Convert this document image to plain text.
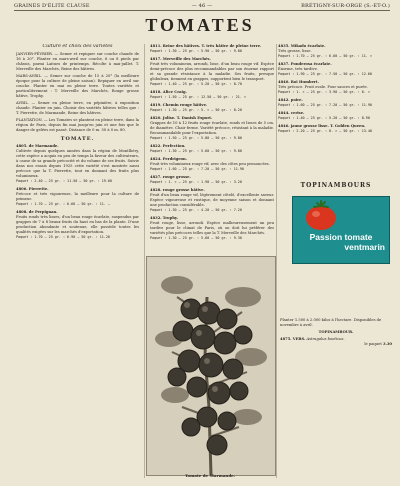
GRAINES D'ÉLITE CLAUSE	— 46 —	BRÉTIGNY-SUR-ORGE (S.-ET-O.)
TOMATES
Culture et choix des variétés
JANVIER-FÉVRIER. — Semer et repiquer sur couche chaude de 16 à 20°. Planter en mars-avril sur couche, 6 ou 8 pieds par châssis, parmi Laitues de printemps. Récolte à mai-juillet. T. Merveille des Marchés, Reine des hâtives.
MARS-AVRIL. — Semer sur couche de 15 à 20° (la meilleure époque pour la culture de pleine saison). Repiquer en avril sur couche. Planter en mai en pleine terre. Toutes variétés et particulièrement : T. Merveille des Marchés, Rouge grosse hâtive, Trophy.
AVRIL. — Semer en pleine terre, en pépinière, à exposition chaude. Planter en juin. Choisir des variétés hâtives telles que : T. Pierrette, de Marmande, Reine des hâtives.
PLANTATION. — Les Tomates se plantent en pleine terre, dans la région de Paris, depuis fin mai jusqu'en juin et une fois que le danger de gelées est passé. Distance de 0 m. 50 à 0 m. 80.
TOMATE.
4805. de Marmande.
Cultivée depuis quelques années dans la région de Montlhéry, cette espèce a acquis en peu de temps la faveur des cultivateurs, à cause de sa grande précocité et du volume de ses fruits. Suivie dans nos essais depuis 1925 cette variété s'est montrée aussi précoce que la T. Pierrette, tout en donnant des fruits plus volumineux.
Paquet : 2.40 — 25 gr. : 11.50 — 50 gr. : 19.60
4806. Pierrette.
Précoce et très vigoureuse, la meilleure pour la culture de primeur.
Paquet : 1.70 — 25 gr. : 6.60 — 50 gr. : 11. —
4808. de Perpignan.
Fruits ronds très lisses, d'un beau rouge écarlate, suspendus par grappes de 7 à 8 beaux fruits du haut en bas de la plante. D'une production abondante et soutenue, elle possède toutes les qualités exigées sur les marchés d'exportation.
Paquet : 1.70 — 25 gr. : 6.90 — 50 gr. : 11.20
4811. Reine des hâtives. T. très hâtive de pleine terre.
Paquet : 1.30 — 25 gr. : 5.90 — 50 gr. : 9.80
4817. Merveille des Marchés.
Fruit très volumineux, arrondi, lisse, d'un beau rouge vif. Espèce demi-précoce des plus recommandables par son énorme rapport et sa grande résistance à la maladie. Ses fruits, presque globuleux, tiennent en grappes, supportent bien le transport.
Paquet : 1.40 — 25 gr. : 5.20 — 50 gr. : 8.70
4818. Alice Craig.
Paquet : 1.50 — 25 gr. : 12.50 — 50 gr. : 21. »
4819. Chemin rouge hâtive.
Paquet : 1.30 — 25 gr. : 5. » — 50 gr. : 8.20
4820. Jolise. T. Danish Export.
Grappes de 10 à 12 fruits rouge écarlate, ronds et lisses de 5 cm. de diamètre. Chair ferme. Variété précoce, résistant à la maladie. Recommandable pour l'exportation.
Paquet : 1.50 — 25 gr. : 5.80 — 50 gr. : 9.80
4822. Perfection.
Paquet : 1.30 — 25 gr. : 5.60 — 50 gr. : 9.80
4824. Perdrigeon.
Fruit très volumineux rouge vif, avec des côtes peu prononcées.
Paquet : 1.60 — 25 gr. : 7.20 — 50 gr. : 11.90
4827. rouge grosse.
Paquet : 1. » — 25 gr. : 1.90 — 50 gr. : 3.20
4828. rouge grosse hâtive.
Fruit d'un beau rouge vif, légèrement côtelé, d'excellente saveur. Espèce vigoureuse et rustique, de moyenne saison et donnant une production considérable.
Paquet : 1.30 — 25 gr. : 4.20 — 50 gr. : 7.20
4832. Trophy.
Fruit rouge, lisse, arrondi. Espèce malheureusement un peu tardive pour le climat de Paris, où on doit lui préférer des variétés plus précoces telles que la T. Merveille des Marchés.
Paquet : 1.30 — 25 gr. : 5.60 — 50 gr. : 9.30
Tomate de Marmande.
4835. Mikado écarlate.
Très grosse, lisse.
Paquet : 1.70 — 25 gr. : 6.60 — 50 gr. : 11. »
4837. Ponderosa écarlate.
Énorme, très tardive.
Paquet : 1.90 — 25 gr. : 7.50 — 50 gr. : 12.60
4840. Roi Humbert.
Très précoce. Fruit ovale. Pour sauces et purée.
Paquet : 1. » — 25 gr. : 3.90 — 50 gr. : 6. »
4842. poire.
Paquet : 1.60 — 25 gr. : 7.20 — 50 gr. : 11.90
4844. cerise.
Paquet : 1.40 — 25 gr. : 5.20 — 50 gr. : 8.90
4846. jaune grosse lisse. T. Golden Queen.
Paquet : 2.20 — 25 gr. : 8. » — 50 gr. : 13.40
TOPINAMBOURS
Passion tomate
ventmarin
Planter 1.500 à 2.000 kilos à l'hectare. Disponibles de novembre à avril.
TOPINAMBOUR.
4875. VERS. Astragalus boeticus.
le paquet 3.30
